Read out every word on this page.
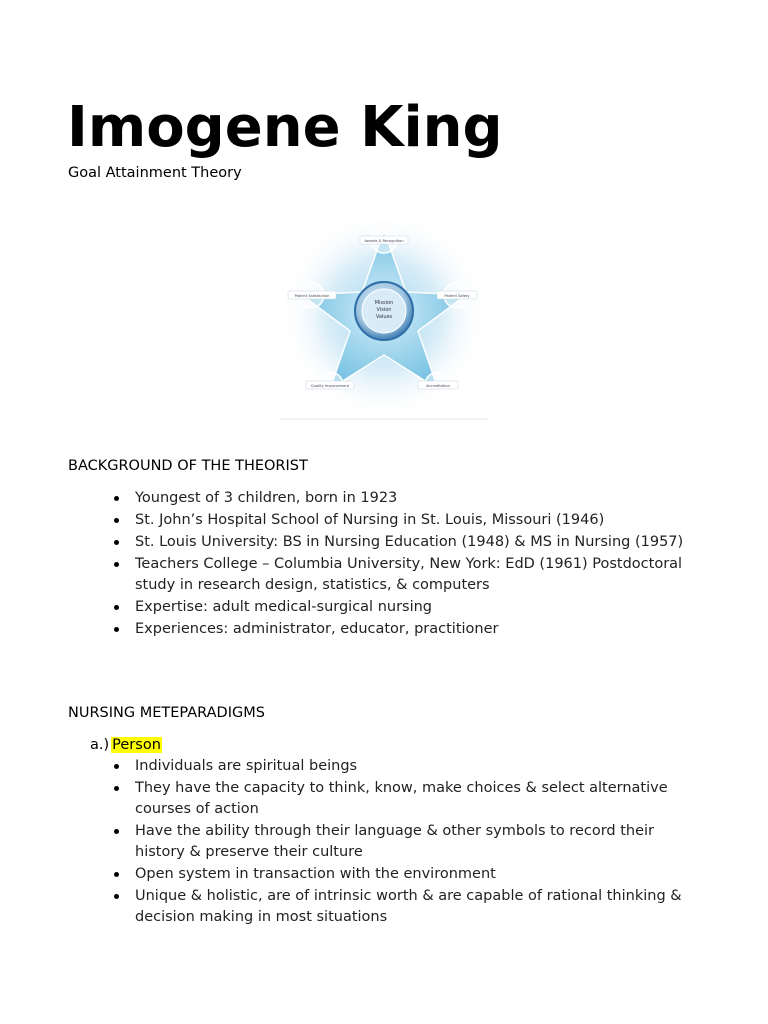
Imogene King
Goal Attainment Theory
Mission
Vision
Values
Awards & Recognition
Patient Safety
Accreditation
Quality Improvement
Patient Satisfaction
BACKGROUND OF THE THEORIST
Youngest of 3 children, born in 1923
St. John’s Hospital School of Nursing in St. Louis, Missouri (1946)
St. Louis University: BS in Nursing Education (1948) & MS in Nursing (1957)
Teachers College – Columbia University, New York: EdD (1961) Postdoctoral study in research design, statistics, & computers
Expertise: adult medical-surgical nursing
Experiences: administrator, educator, practitioner
NURSING METEPARADIGMS
a.) Person
Individuals are spiritual beings
They have the capacity to think, know, make choices & select alternative courses of action
Have the ability through their language & other symbols to record their history & preserve their culture
Open system in transaction with the environment
Unique & holistic, are of intrinsic worth & are capable of rational thinking & decision making in most situations
